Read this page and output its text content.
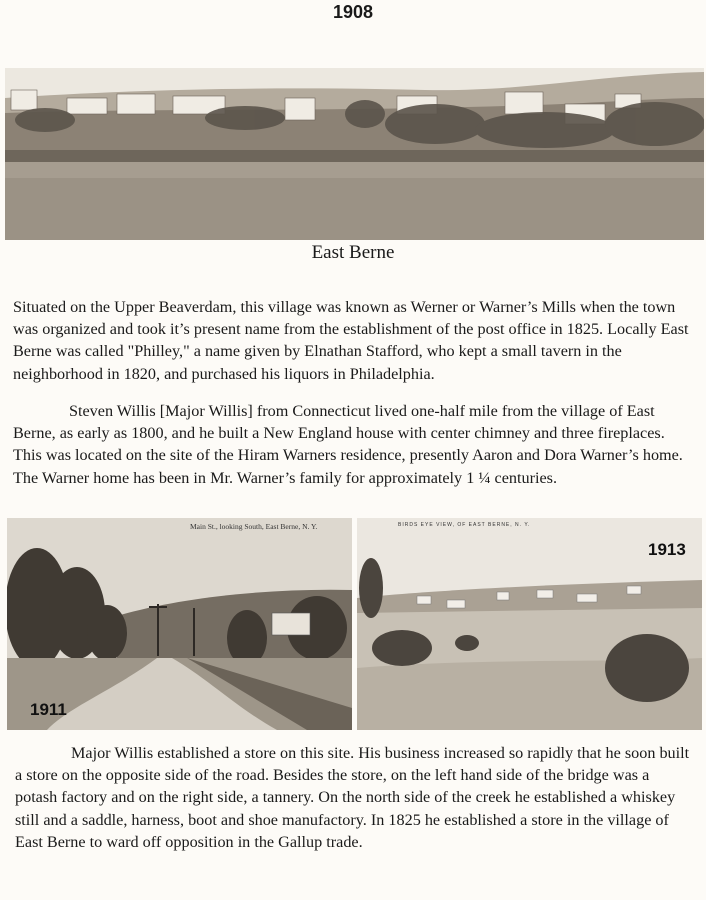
1908
East Berne

Situated on the Upper Beaverdam, this village was known as Werner or Warner’s Mills when the town was organized and took it’s present name from the establishment of the post office in 1825. Locally East Berne was called "Philley," a name given by Elnathan Stafford, who kept a small tavern in the neighborhood in 1820, and purchased his liquors in Philadelphia.

Steven Willis [Major Willis] from Connecticut lived one-half mile from the village of East Berne, as early as 1800, and he built a New England house with center chimney and three fireplaces. This was located on the site of the Hiram Warners residence, presently Aaron and Dora Warner’s home. The Warner home has been in Mr. Warner’s family for approximately 1 ¼ centuries.

Main St., looking South, East Berne, N. Y.
1911
BIRDS EYE VIEW, OF EAST BERNE, N. Y.
1913

Major Willis established a store on this site. His business increased so rapidly that he soon built a store on the opposite side of the road. Besides the store, on the left hand side of the bridge was a potash factory and on the right side, a tannery. On the north side of the creek he established a whiskey still and a saddle, harness, boot and shoe manufactory. In 1825 he established a store in the village of East Berne to ward off opposition in the Gallup trade.
